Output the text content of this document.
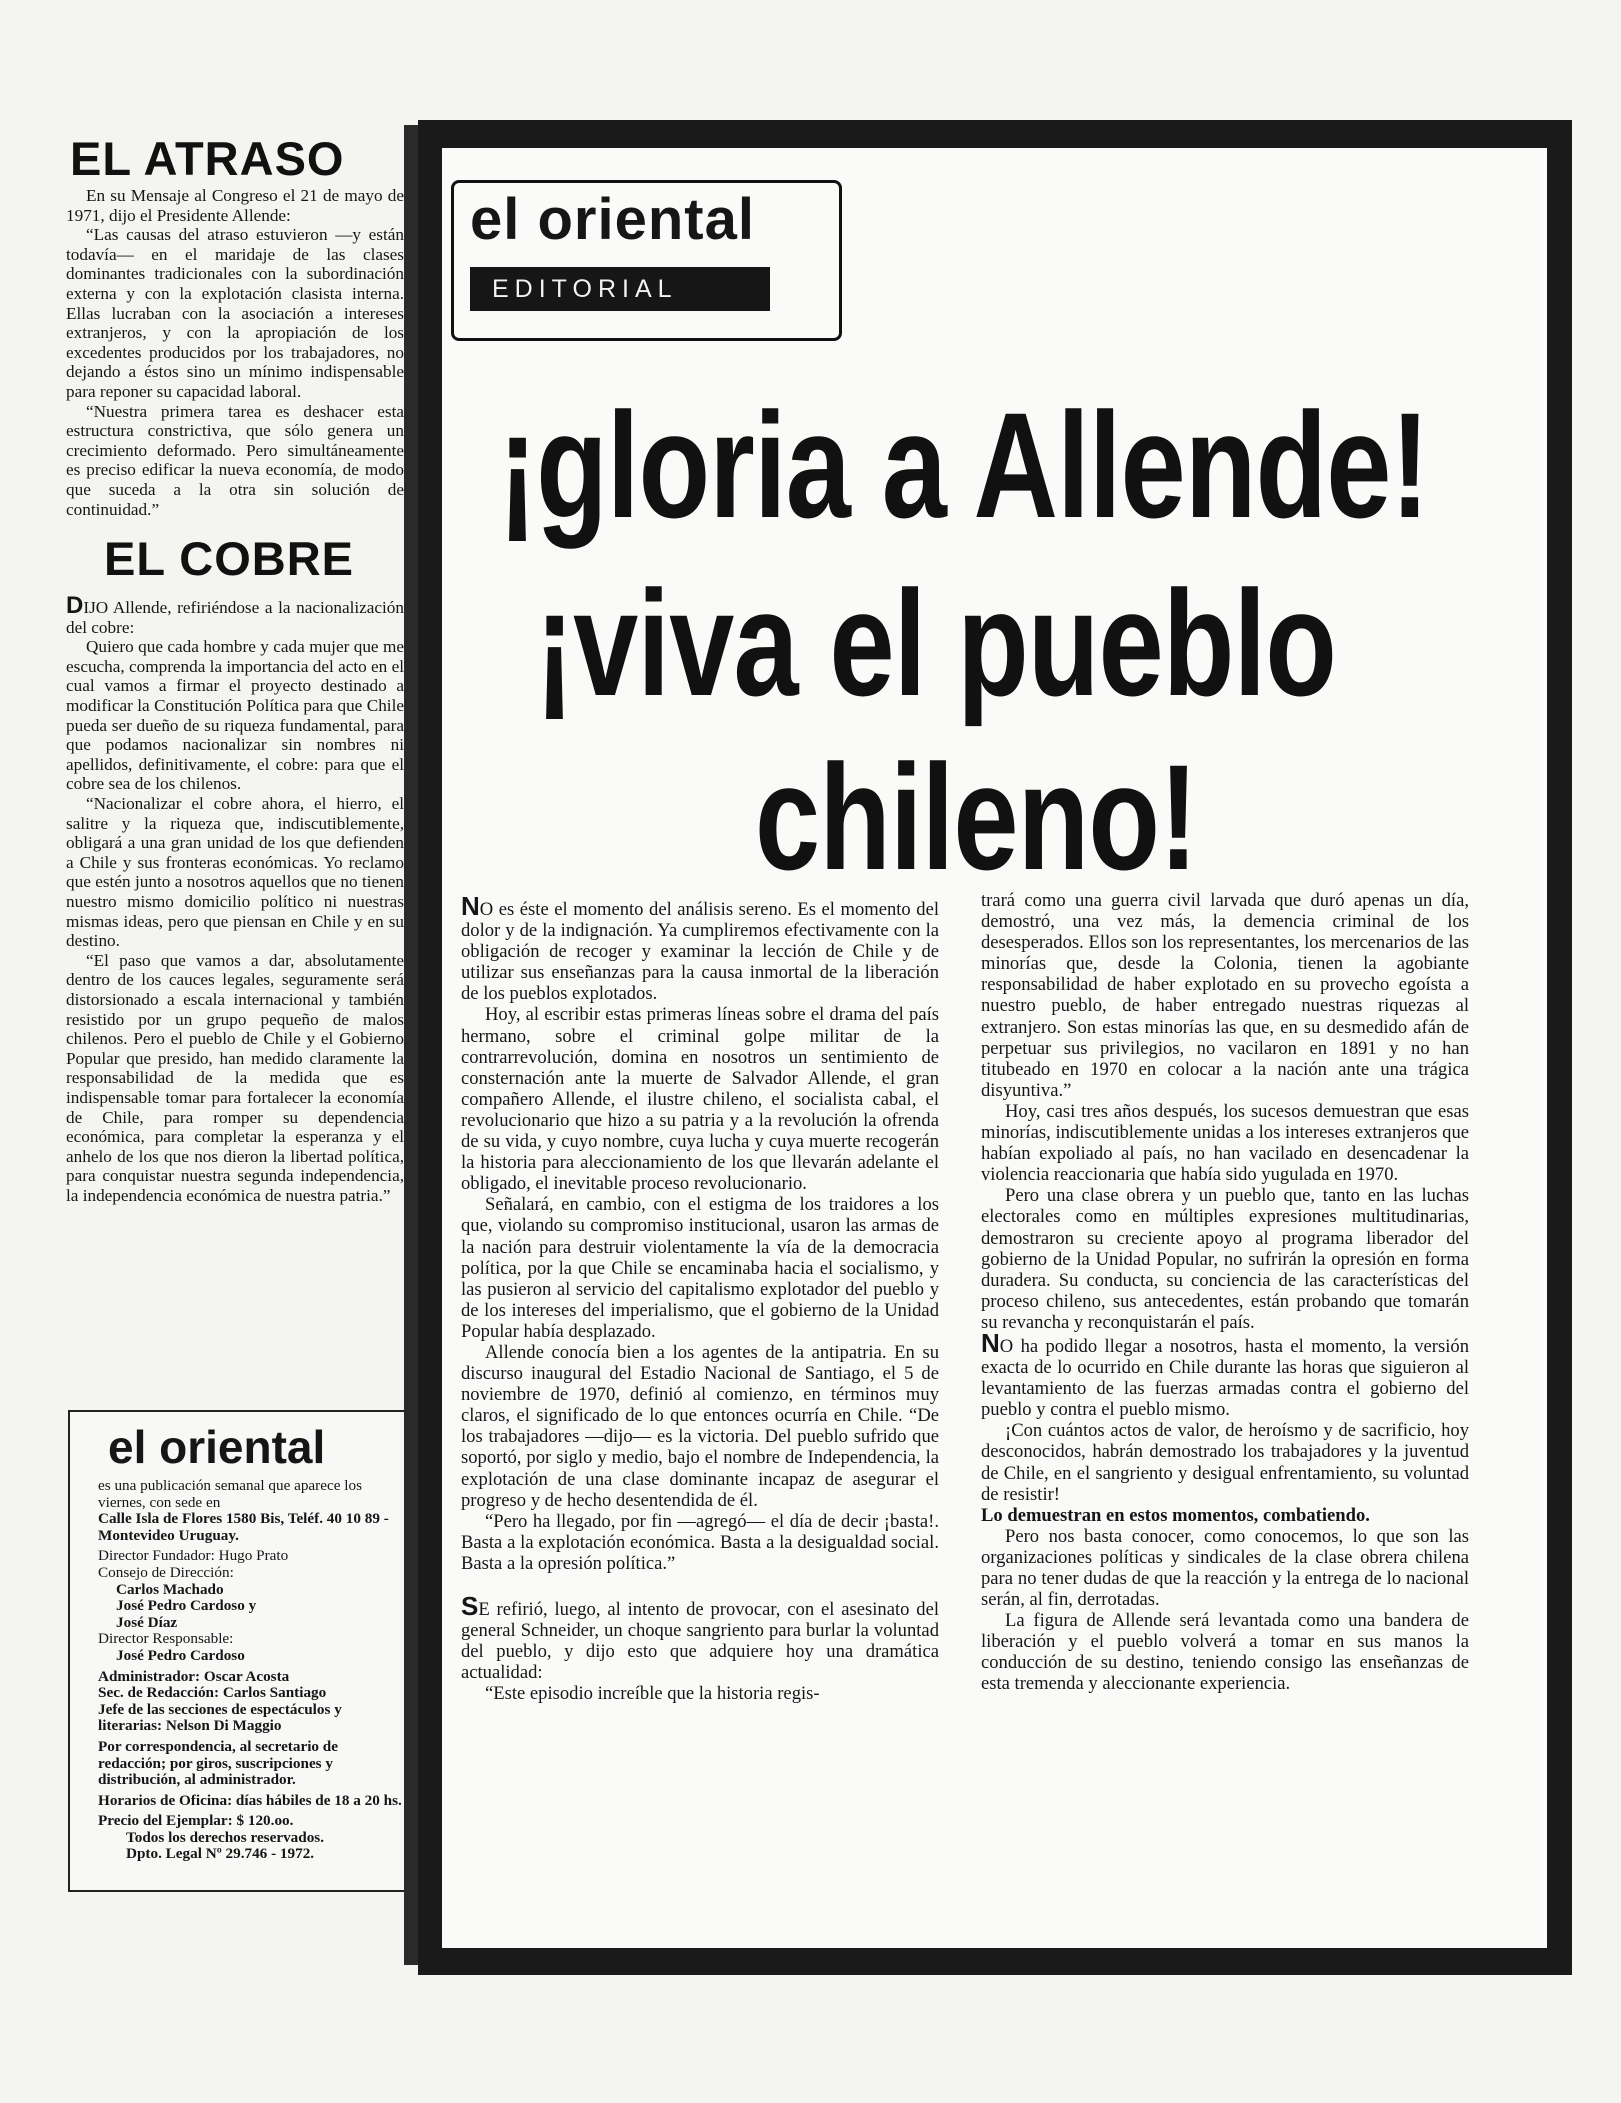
EL ATRASO

En su Mensaje al Congreso el 21 de mayo de 1971, dijo el Presidente Allende:

“Las causas del atraso estuvieron —y están todavía— en el maridaje de las clases dominantes tradicionales con la subordinación externa y con la explotación clasista interna. Ellas lucraban con la asociación a intereses extranjeros, y con la apropiación de los excedentes producidos por los trabajadores, no dejando a éstos sino un mínimo indispensable para reponer su capacidad laboral.

“Nuestra primera tarea es deshacer esta estructura constrictiva, que sólo genera un crecimiento deformado. Pero simultáneamente es preciso edificar la nueva economía, de modo que suceda a la otra sin solución de continuidad.”

EL COBRE

DIJO Allende, refiriéndose a la nacionalización del cobre:

Quiero que cada hombre y cada mujer que me escucha, comprenda la importancia del acto en el cual vamos a firmar el proyecto destinado a modificar la Constitución Política para que Chile pueda ser dueño de su riqueza fundamental, para que podamos nacionalizar sin nombres ni apellidos, definitivamente, el cobre: para que el cobre sea de los chilenos.

“Nacionalizar el cobre ahora, el hierro, el salitre y la riqueza que, indiscutiblemente, obligará a una gran unidad de los que defienden a Chile y sus fronteras económicas. Yo reclamo que estén junto a nosotros aquellos que no tienen nuestro mismo domicilio político ni nuestras mismas ideas, pero que piensan en Chile y en su destino.

“El paso que vamos a dar, absolutamente dentro de los cauces legales, seguramente será distorsionado a escala internacional y también resistido por un grupo pequeño de malos chilenos. Pero el pueblo de Chile y el Gobierno Popular que presido, han medido claramente la responsabilidad de la medida que es indispensable tomar para fortalecer la economía de Chile, para romper su dependencia económica, para completar la esperanza y el anhelo de los que nos dieron la libertad política, para conquistar nuestra segunda independencia, la independencia económica de nuestra patria.”

el oriental
es una publicación semanal que aparece los viernes, con sede en
Calle Isla de Flores 1580 Bis, Teléf. 40 10 89 - Montevideo Uruguay.
Director Fundador: Hugo Prato
Consejo de Dirección:
Carlos Machado
José Pedro Cardoso y
José Díaz
Director Responsable:
José Pedro Cardoso
Administrador: Oscar Acosta
Sec. de Redacción: Carlos Santiago
Jefe de las secciones de espectáculos y literarias: Nelson Di Maggio
Por correspondencia, al secretario de redacción; por giros, suscripciones y distribución, al administrador.
Horarios de Oficina: días hábiles de 18 a 20 hs.
Precio del Ejemplar: $ 120.oo.
Todos los derechos reservados.
Dpto. Legal Nº 29.746 - 1972.
el oriental
EDITORIAL
¡gloria a Allende!
¡viva el pueblo
chileno!

NO es éste el momento del análisis sereno. Es el momento del dolor y de la indignación. Ya cumpliremos efectivamente con la obligación de recoger y examinar la lección de Chile y de utilizar sus enseñanzas para la causa inmortal de la liberación de los pueblos explotados.

Hoy, al escribir estas primeras líneas sobre el drama del país hermano, sobre el criminal golpe militar de la contrarrevolución, domina en nosotros un sentimiento de consternación ante la muerte de Salvador Allende, el gran compañero Allende, el ilustre chileno, el socialista cabal, el revolucionario que hizo a su patria y a la revolución la ofrenda de su vida, y cuyo nombre, cuya lucha y cuya muerte recogerán la historia para aleccionamiento de los que llevarán adelante el obligado, el inevitable proceso revolucionario.

Señalará, en cambio, con el estigma de los traidores a los que, violando su compromiso institucional, usaron las armas de la nación para destruir violentamente la vía de la democracia política, por la que Chile se encaminaba hacia el socialismo, y las pusieron al servicio del capitalismo explotador del pueblo y de los intereses del imperialismo, que el gobierno de la Unidad Popular había desplazado.

Allende conocía bien a los agentes de la antipatria. En su discurso inaugural del Estadio Nacional de Santiago, el 5 de noviembre de 1970, definió al comienzo, en términos muy claros, el significado de lo que entonces ocurría en Chile. “De los trabajadores —dijo— es la victoria. Del pueblo sufrido que soportó, por siglo y medio, bajo el nombre de Independencia, la explotación de una clase dominante incapaz de asegurar el progreso y de hecho desentendida de él.

“Pero ha llegado, por fin —agregó— el día de decir ¡basta!. Basta a la explotación económica. Basta a la desigualdad social. Basta a la opresión política.”

SE refirió, luego, al intento de provocar, con el asesinato del general Schneider, un choque sangriento para burlar la voluntad del pueblo, y dijo esto que adquiere hoy una dramática actualidad:

“Este episodio increíble que la historia regis-

trará como una guerra civil larvada que duró apenas un día, demostró, una vez más, la demencia criminal de los desesperados. Ellos son los representantes, los mercenarios de las minorías que, desde la Colonia, tienen la agobiante responsabilidad de haber explotado en su provecho egoísta a nuestro pueblo, de haber entregado nuestras riquezas al extranjero. Son estas minorías las que, en su desmedido afán de perpetuar sus privilegios, no vacilaron en 1891 y no han titubeado en 1970 en colocar a la nación ante una trágica disyuntiva.”

Hoy, casi tres años después, los sucesos demuestran que esas minorías, indiscutiblemente unidas a los intereses extranjeros que habían expoliado al país, no han vacilado en desencadenar la violencia reaccionaria que había sido yugulada en 1970.

Pero una clase obrera y un pueblo que, tanto en las luchas electorales como en múltiples expresiones multitudinarias, demostraron su creciente apoyo al programa liberador del gobierno de la Unidad Popular, no sufrirán la opresión en forma duradera. Su conducta, su conciencia de las características del proceso chileno, sus antecedentes, están probando que tomarán su revancha y reconquistarán el país.

NO ha podido llegar a nosotros, hasta el momento, la versión exacta de lo ocurrido en Chile durante las horas que siguieron al levantamiento de las fuerzas armadas contra el gobierno del pueblo y contra el pueblo mismo.

¡Con cuántos actos de valor, de heroísmo y de sacrificio, hoy desconocidos, habrán demostrado los trabajadores y la juventud de Chile, en el sangriento y desigual enfrentamiento, su voluntad de resistir!

Lo demuestran en estos momentos, combatiendo.

Pero nos basta conocer, como conocemos, lo que son las organizaciones políticas y sindicales de la clase obrera chilena para no tener dudas de que la reacción y la entrega de lo nacional serán, al fin, derrotadas.

La figura de Allende será levantada como una bandera de liberación y el pueblo volverá a tomar en sus manos la conducción de su destino, teniendo consigo las enseñanzas de esta tremenda y aleccionante experiencia.
